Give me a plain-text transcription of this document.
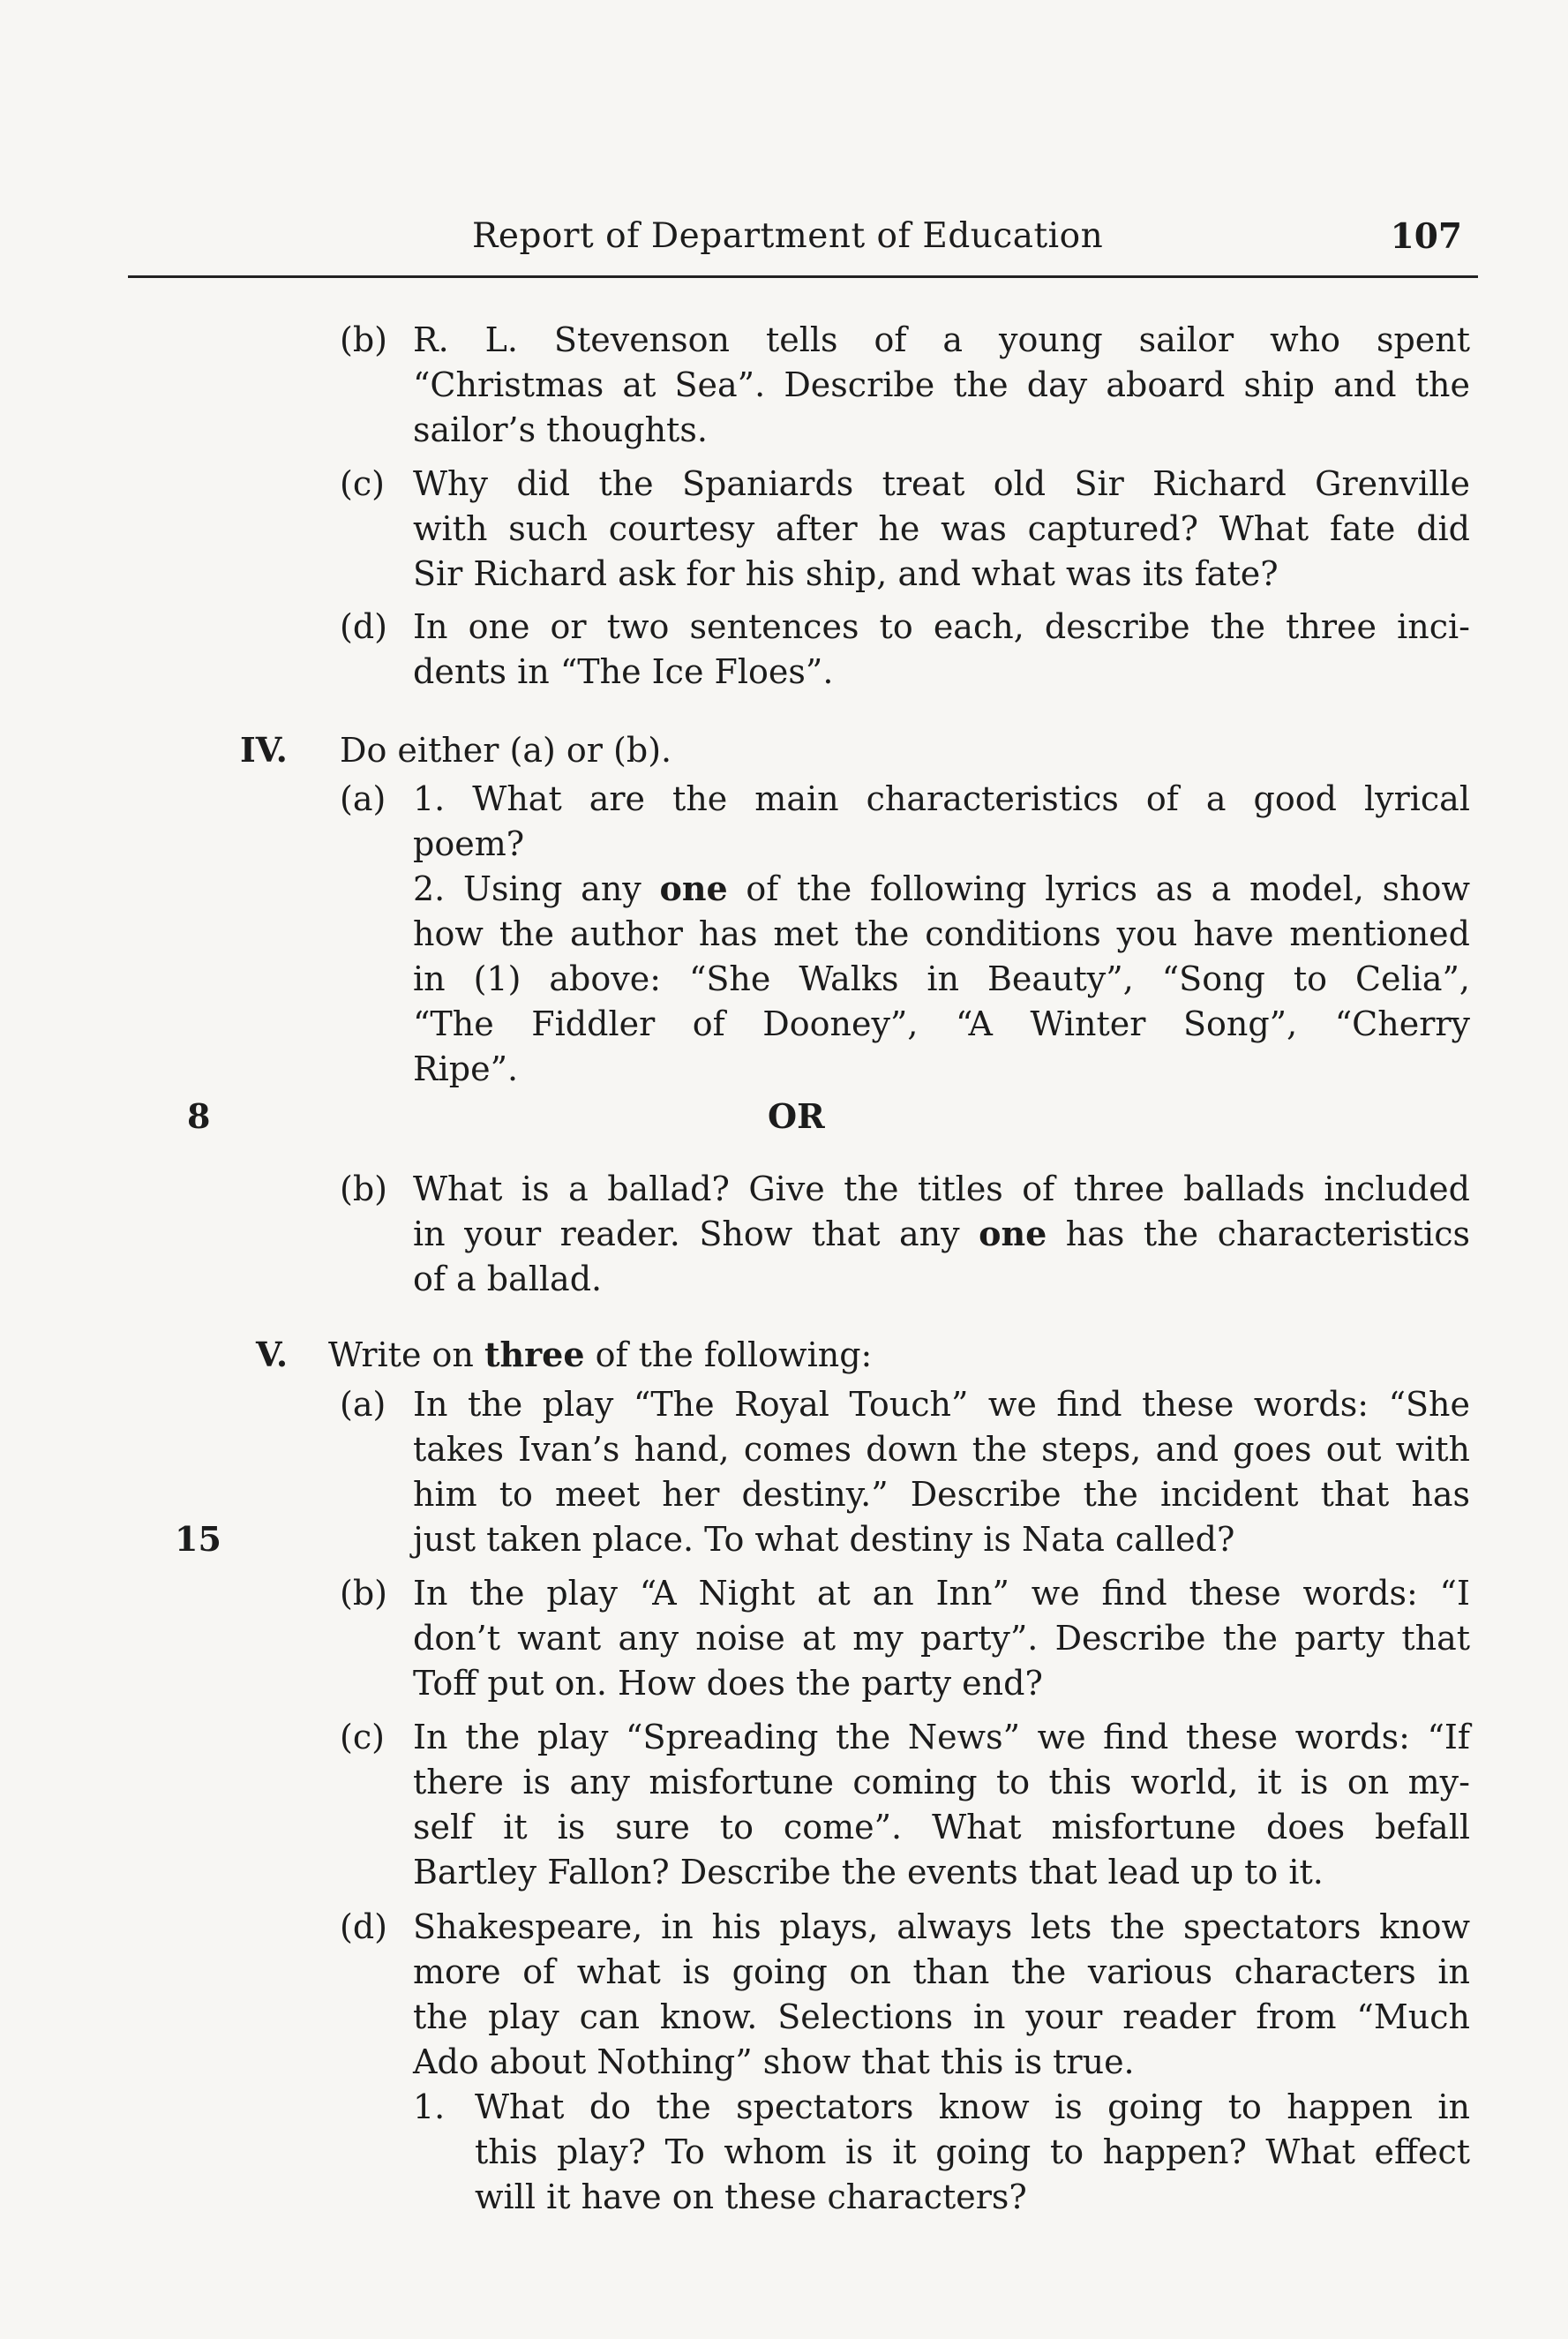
Report of Department of Education	107
(b) R. L. Stevenson tells of a young sailor who spent
“Christmas at Sea”. Describe the day aboard ship and the
sailor’s thoughts.
(c) Why did the Spaniards treat old Sir Richard Grenville
with such courtesy after he was captured? What fate did
Sir Richard ask for his ship, and what was its fate?
(d) In one or two sentences to each, describe the three inci-
dents in “The Ice Floes”.
IV. Do either (a) or (b).
(a) 1. What are the main characteristics of a good lyrical
poem?
2. Using any one of the following lyrics as a model, show
how the author has met the conditions you have mentioned
in (1) above: “She Walks in Beauty”, “Song to Celia”,
“The Fiddler of Dooney”, “A Winter Song”, “Cherry
Ripe”.
8	OR
(b) What is a ballad? Give the titles of three ballads included
in your reader. Show that any one has the characteristics
of a ballad.
V. Write on three of the following:
(a) In the play “The Royal Touch” we find these words: “She
takes Ivan’s hand, comes down the steps, and goes out with
him to meet her destiny.” Describe the incident that has
15	just taken place. To what destiny is Nata called?
(b) In the play “A Night at an Inn” we find these words: “I
don’t want any noise at my party”. Describe the party that
Toff put on. How does the party end?
(c) In the play “Spreading the News” we find these words: “If
there is any misfortune coming to this world, it is on my-
self it is sure to come”. What misfortune does befall
Bartley Fallon? Describe the events that lead up to it.
(d) Shakespeare, in his plays, always lets the spectators know
more of what is going on than the various characters in
the play can know. Selections in your reader from “Much
Ado about Nothing” show that this is true.
1. What do the spectators know is going to happen in
this play? To whom is it going to happen? What effect
will it have on these characters?
